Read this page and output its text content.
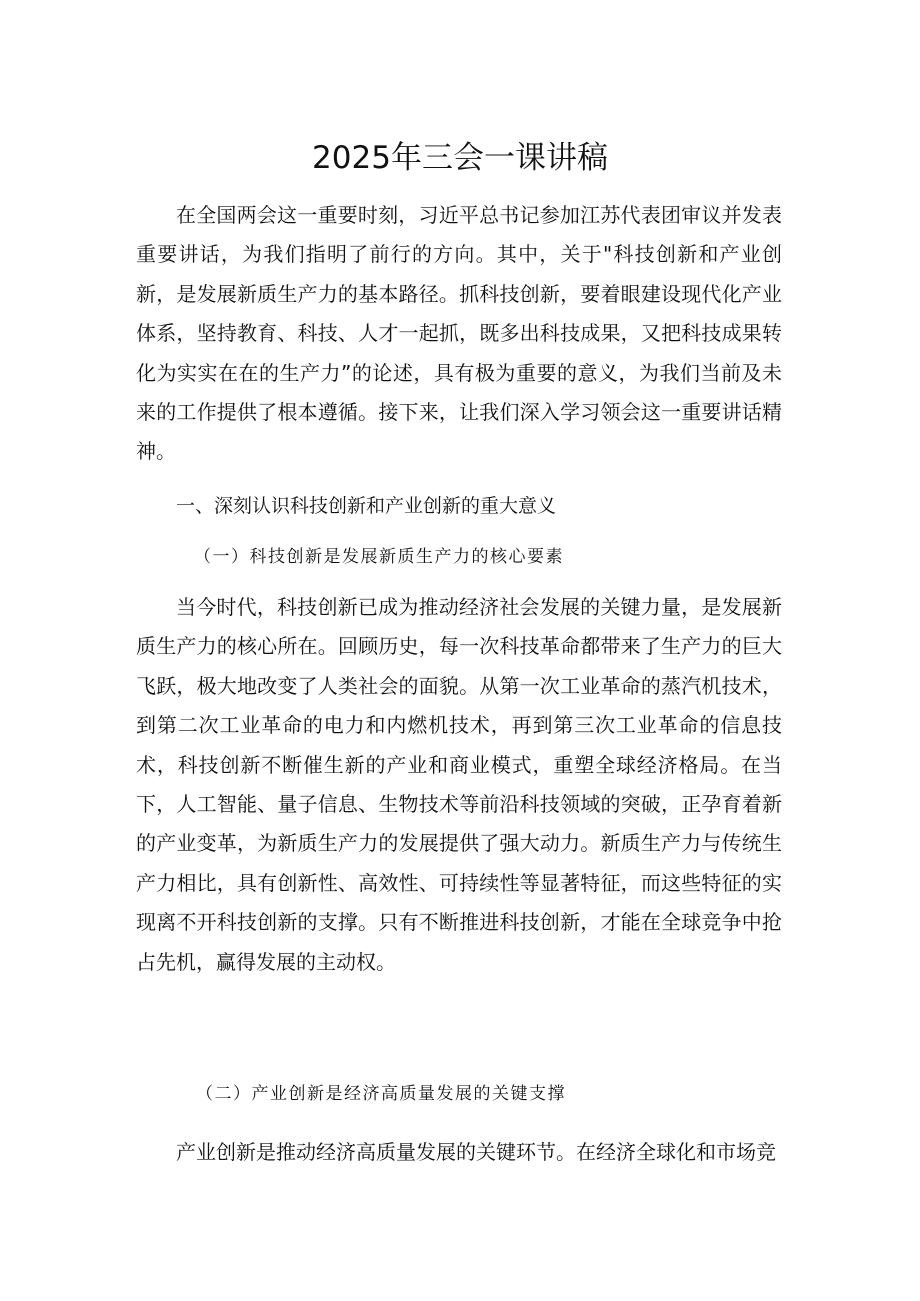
2025年三会一课讲稿

在全国两会这一重要时刻，习近平总书记参加江苏代表团审议并发表重要讲话，为我们指明了前行的方向。其中，关于"科技创新和产业创新，是发展新质生产力的基本路径。抓科技创新，要着眼建设现代化产业体系，坚持教育、科技、人才一起抓，既多出科技成果，又把科技成果转化为实实在在的生产力”的论述，具有极为重要的意义，为我们当前及未来的工作提供了根本遵循。接下来，让我们深入学习领会这一重要讲话精神。

一、深刻认识科技创新和产业创新的重大意义
（一）科技创新是发展新质生产力的核心要素

当今时代，科技创新已成为推动经济社会发展的关键力量，是发展新质生产力的核心所在。回顾历史，每一次科技革命都带来了生产力的巨大飞跃，极大地改变了人类社会的面貌。从第一次工业革命的蒸汽机技术，到第二次工业革命的电力和内燃机技术，再到第三次工业革命的信息技术，科技创新不断催生新的产业和商业模式，重塑全球经济格局。在当下，人工智能、量子信息、生物技术等前沿科技领域的突破，正孕育着新的产业变革，为新质生产力的发展提供了强大动力。新质生产力与传统生产力相比，具有创新性、高效性、可持续性等显著特征，而这些特征的实现离不开科技创新的支撑。只有不断推进科技创新，才能在全球竞争中抢占先机，赢得发展的主动权。

（二）产业创新是经济高质量发展的关键支撑

产业创新是推动经济高质量发展的关键环节。在经济全球化和市场竞
